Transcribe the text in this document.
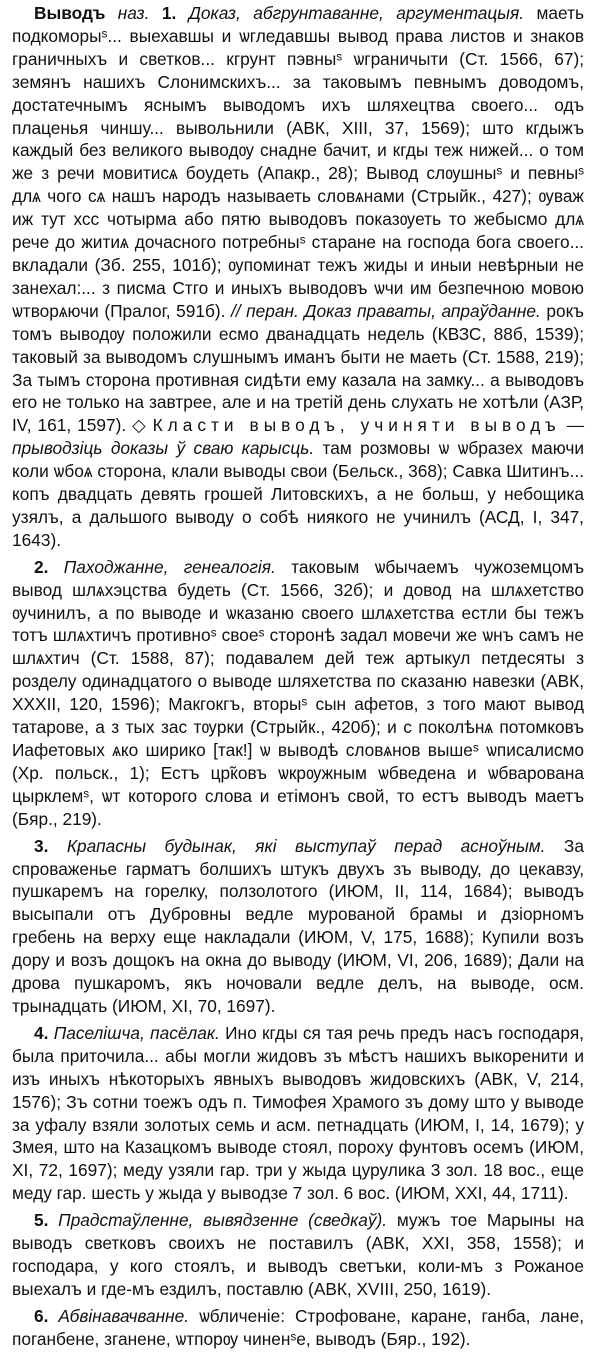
Выводъ наз. 1. Доказ, абгрунтаванне, аргументацыя. маеть подкоморыˢ... выехавшы и ѡгледавшы вывод права листов и знаков граничныхъ и светков... кгрунт пэвныˢ ѡграничыти (Ст. 1566, 67); земянъ нашихъ Слонимскихъ... за таковымъ певнымъ доводомъ, достатечнымъ яснымъ выводомъ ихъ шляхецтва своего... одъ плаценья чиншу... вывольнили (АВК, XIII, 37, 1569); што кгдыжъ каждый без великого выводѹ снадне бачит, и кгды теж нижей... о том же з речи мовитисѧ боудеть (Апакр., 28); Вывод слѹшныˢ и певныˢ длѧ чого сѧ нашъ народъ называеть словѧнами (Стрыйк., 427); ѹваж иж тут хсс чотырма або пятю выводовъ показѹеть то жебысмо длѧ рече до житиѧ дочасного потребныˢ старане на господа бога своего... вкладали (Зб. 255, 101б); ѹпоминат тежъ жиды и иныи невѣрныи не занехал:... з писма Стго и иныхъ выводовъ ѡчи им безпечною мовою ѡтворѧючи (Пралог, 591б). // перан. Доказ праваты, апраўданне. рокъ томъ выводѹ положили есмо дванадцать недель (КВЗС, 88б, 1539); таковый за выводомъ слушнымъ иманъ быти не маеть (Ст. 1588, 219); За тымъ сторона противная сидѣти ему казала на замку... а выводовъ его не только на завтрее, але и на третiй день слухать не хотѣли (АЗР, IV, 161, 1597). ◇ Класти выводъ, учиняти выводъ — прыводзiць доказы ў сваю карысць. там розмовы ѡ ѡбразех маючи коли ѡбоѧ сторона, клали выводы свои (Бельск., 368); Савка Шитинъ... копъ двадцать девять грошей Литовскихъ, а не больш, у небощика узялъ, а дальшого выводу о собѣ ниякого не учинилъ (АСД, I, 347, 1643).

2. Паходжанне, генеалогiя. таковым ѡбычаемъ чужоземцомъ вывод шлѧхэцства будеть (Ст. 1566, 32б); и довод на шлѧхетство ѹчинилъ, а по выводе и ѡказаню своего шлѧхетства естли бы тежъ тотъ шлѧхтичъ противноˢ своеˢ сторонѣ задал мовечи же ѡнъ самъ не шлѧхтич (Ст. 1588, 87); подавалем дей теж артыкул петдесяты з розделу одинадцатого о выводе шляхетства по сказаню навезки (АВК, XXXII, 120, 1596); Макгокгъ, вторыˢ сын афетов, з того мают вывод татарове, а з тых зас тѹрки (Стрыйк., 420б); и с поколѣнѧ потомковъ Иафетовых ѧко ширико [так!] ѡ выводѣ словѧнов вышеˢ ѡписалисмо (Хр. польск., 1); Естъ цр̃ковъ ѡкрѹжным ѡбведена и ѡбварована цырклемˢ, ѡт которого слова и етiмонъ свой, то естъ выводъ маетъ (Бяр., 219).

3. Крапасны будынак, якi выступаў перад асноўным. За спроваженье гарматъ болшихъ штукъ двухъ зъ выводу, до цекавзу, пушкаремъ на горелку, ползолотого (ИЮМ, II, 114, 1684); выводъ высыпали отъ Дубровны ведле мурованой брамы и дзiорномъ гребень на верху еще накладали (ИЮМ, V, 175, 1688); Купили возъ дору и возъ дощокъ на окна до выводу (ИЮМ, VI, 206, 1689); Дали на дрова пушкаромъ, якъ ночовали ведле делъ, на выводе, осм. трынадцать (ИЮМ, XI, 70, 1697).

4. Паселiшча, пасёлак. Ино кгды ся тая речь предъ насъ господаря, была приточила... абы могли жидовъ зъ мѣстъ нашихъ выкоренити и изъ иныхъ нѣкоторыхъ явныхъ выводовъ жидовскихъ (АВК, V, 214, 1576); Зъ сотни тоежъ одъ п. Тимофея Храмого зъ дому што у выводе за уфалу взяли золотых семь и асм. петнадцать (ИЮМ, I, 14, 1679); у Змея, што на Казацкомъ выводе стоял, пороху фунтовъ осемъ (ИЮМ, XI, 72, 1697); меду узяли гар. три у жыда цурулика 3 зол. 18 вос., еще меду гар. шесть у жыда у выводзе 7 зол. 6 вос. (ИЮМ, XXI, 44, 1711).

5. Прадстаўленне, вывядзенне (сведкаў). мужъ тое Марыны на выводъ светковъ своихъ не поставилъ (АВК, XXI, 358, 1558); и господара, у кого стоялъ, и выводъ светъки, коли-мъ з Рожаное выехалъ и где-мъ ездилъ, поставлю (АВК, XVIII, 250, 1619).

6. Абвiнавачванне. ѡбличенiе: Строфоване, каранe, ганба, ланe, поганбене, зганене, ѡтпорѹ чиненˢe, выводъ (Бяр., 192).
